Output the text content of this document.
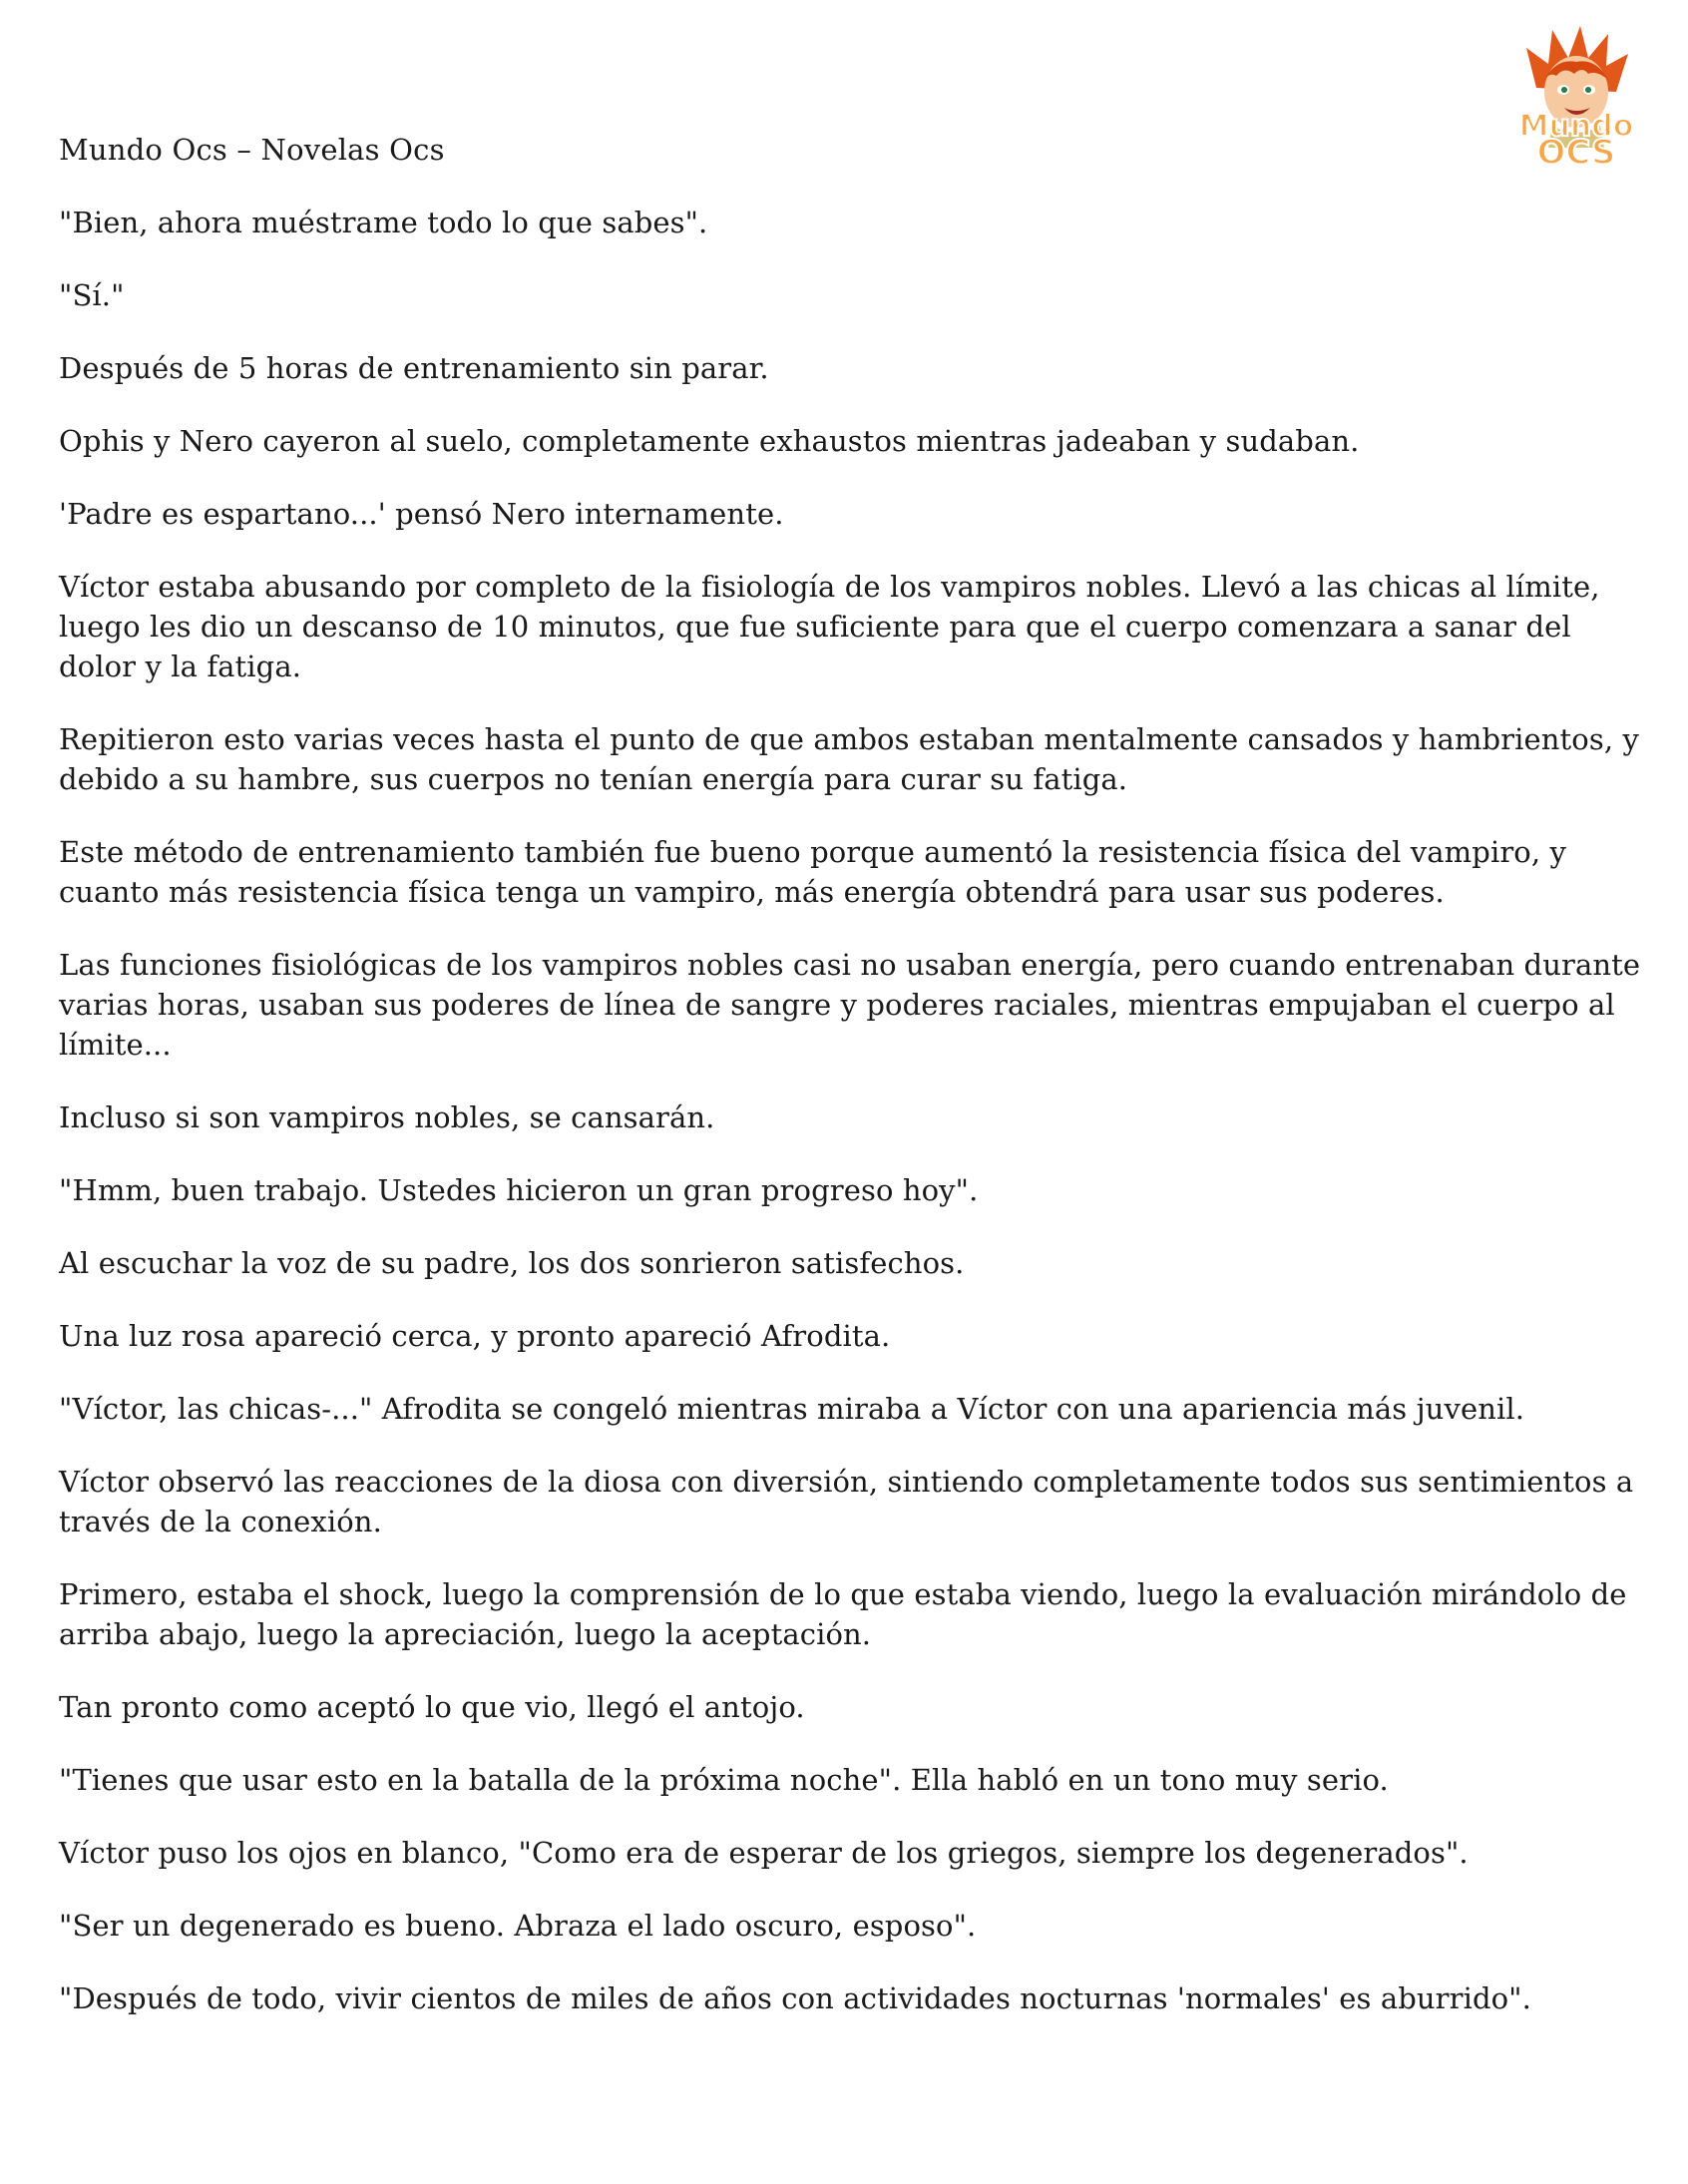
Mundo
OCS

Mundo Ocs – Novelas Ocs

"Bien, ahora muéstrame todo lo que sabes".

"Sí."

Después de 5 horas de entrenamiento sin parar.

Ophis y Nero cayeron al suelo, completamente exhaustos mientras jadeaban y sudaban.

'Padre es espartano...' pensó Nero internamente.

Víctor estaba abusando por completo de la fisiología de los vampiros nobles. Llevó a las chicas al límite, luego les dio un descanso de 10 minutos, que fue suficiente para que el cuerpo comenzara a sanar del dolor y la fatiga.

Repitieron esto varias veces hasta el punto de que ambos estaban mentalmente cansados y hambrientos, y debido a su hambre, sus cuerpos no tenían energía para curar su fatiga.

Este método de entrenamiento también fue bueno porque aumentó la resistencia física del vampiro, y cuanto más resistencia física tenga un vampiro, más energía obtendrá para usar sus poderes.

Las funciones fisiológicas de los vampiros nobles casi no usaban energía, pero cuando entrenaban durante varias horas, usaban sus poderes de línea de sangre y poderes raciales, mientras empujaban el cuerpo al límite...

Incluso si son vampiros nobles, se cansarán.

"Hmm, buen trabajo. Ustedes hicieron un gran progreso hoy".

Al escuchar la voz de su padre, los dos sonrieron satisfechos.

Una luz rosa apareció cerca, y pronto apareció Afrodita.

"Víctor, las chicas-..." Afrodita se congeló mientras miraba a Víctor con una apariencia más juvenil.

Víctor observó las reacciones de la diosa con diversión, sintiendo completamente todos sus sentimientos a través de la conexión.

Primero, estaba el shock, luego la comprensión de lo que estaba viendo, luego la evaluación mirándolo de arriba abajo, luego la apreciación, luego la aceptación.

Tan pronto como aceptó lo que vio, llegó el antojo.

"Tienes que usar esto en la batalla de la próxima noche". Ella habló en un tono muy serio.

Víctor puso los ojos en blanco, "Como era de esperar de los griegos, siempre los degenerados".

"Ser un degenerado es bueno. Abraza el lado oscuro, esposo".

"Después de todo, vivir cientos de miles de años con actividades nocturnas 'normales' es aburrido".
